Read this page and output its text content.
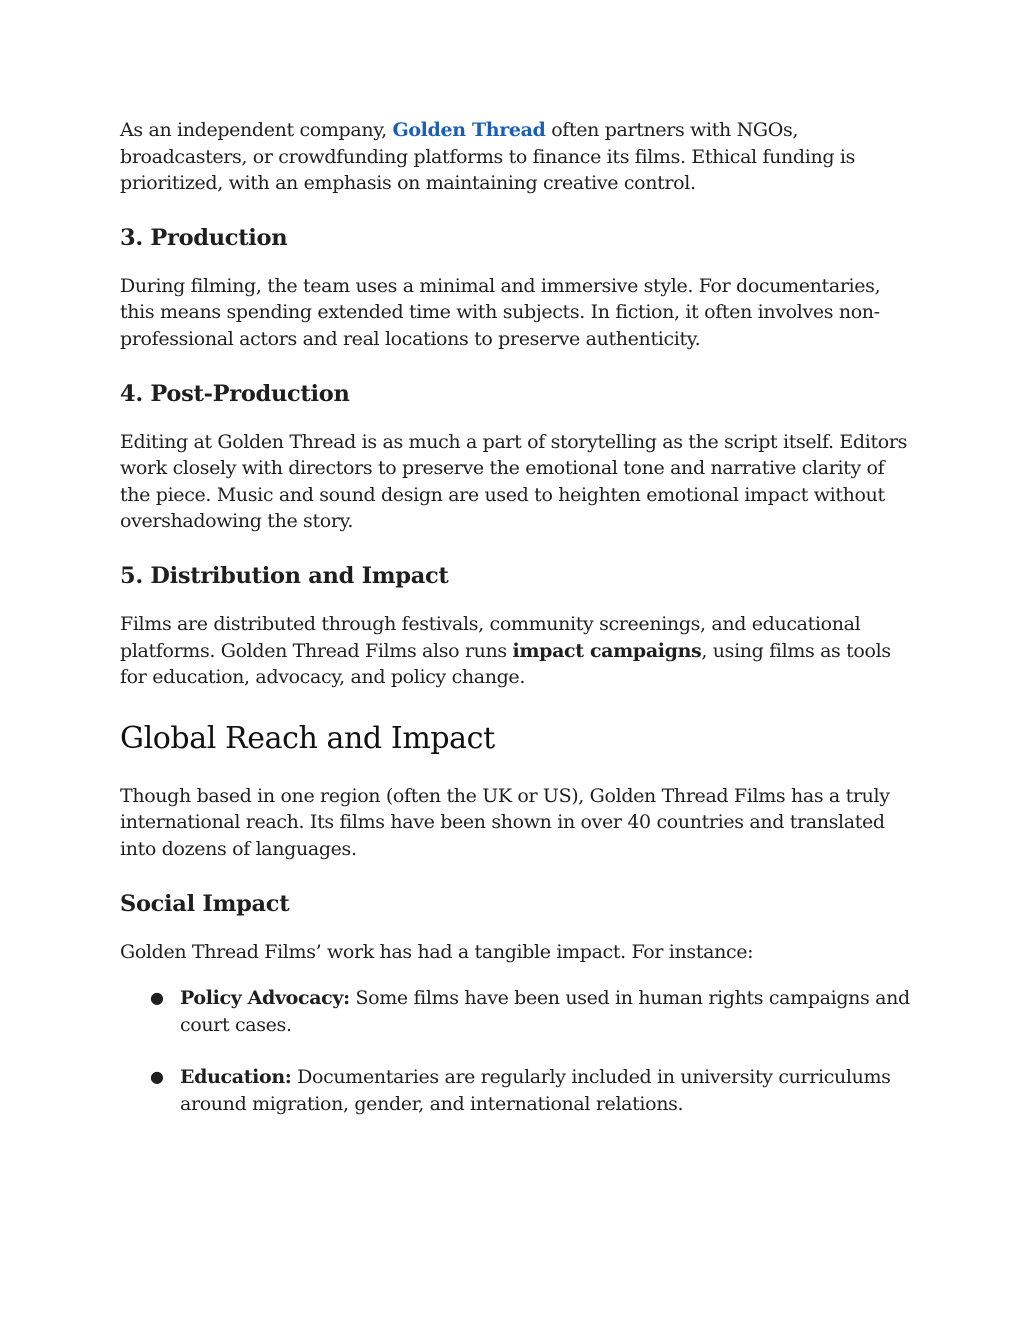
As an independent company, Golden Thread often partners with NGOs, broadcasters, or crowdfunding platforms to finance its films. Ethical funding is prioritized, with an emphasis on maintaining creative control.

3. Production

During filming, the team uses a minimal and immersive style. For documentaries, this means spending extended time with subjects. In fiction, it often involves non-professional actors and real locations to preserve authenticity.

4. Post-Production

Editing at Golden Thread is as much a part of storytelling as the script itself. Editors work closely with directors to preserve the emotional tone and narrative clarity of the piece. Music and sound design are used to heighten emotional impact without overshadowing the story.

5. Distribution and Impact

Films are distributed through festivals, community screenings, and educational platforms. Golden Thread Films also runs impact campaigns, using films as tools for education, advocacy, and policy change.

Global Reach and Impact

Though based in one region (often the UK or US), Golden Thread Films has a truly international reach. Its films have been shown in over 40 countries and translated into dozens of languages.

Social Impact

Golden Thread Films’ work has had a tangible impact. For instance:

● Policy Advocacy: Some films have been used in human rights campaigns and court cases.
● Education: Documentaries are regularly included in university curriculums around migration, gender, and international relations.
